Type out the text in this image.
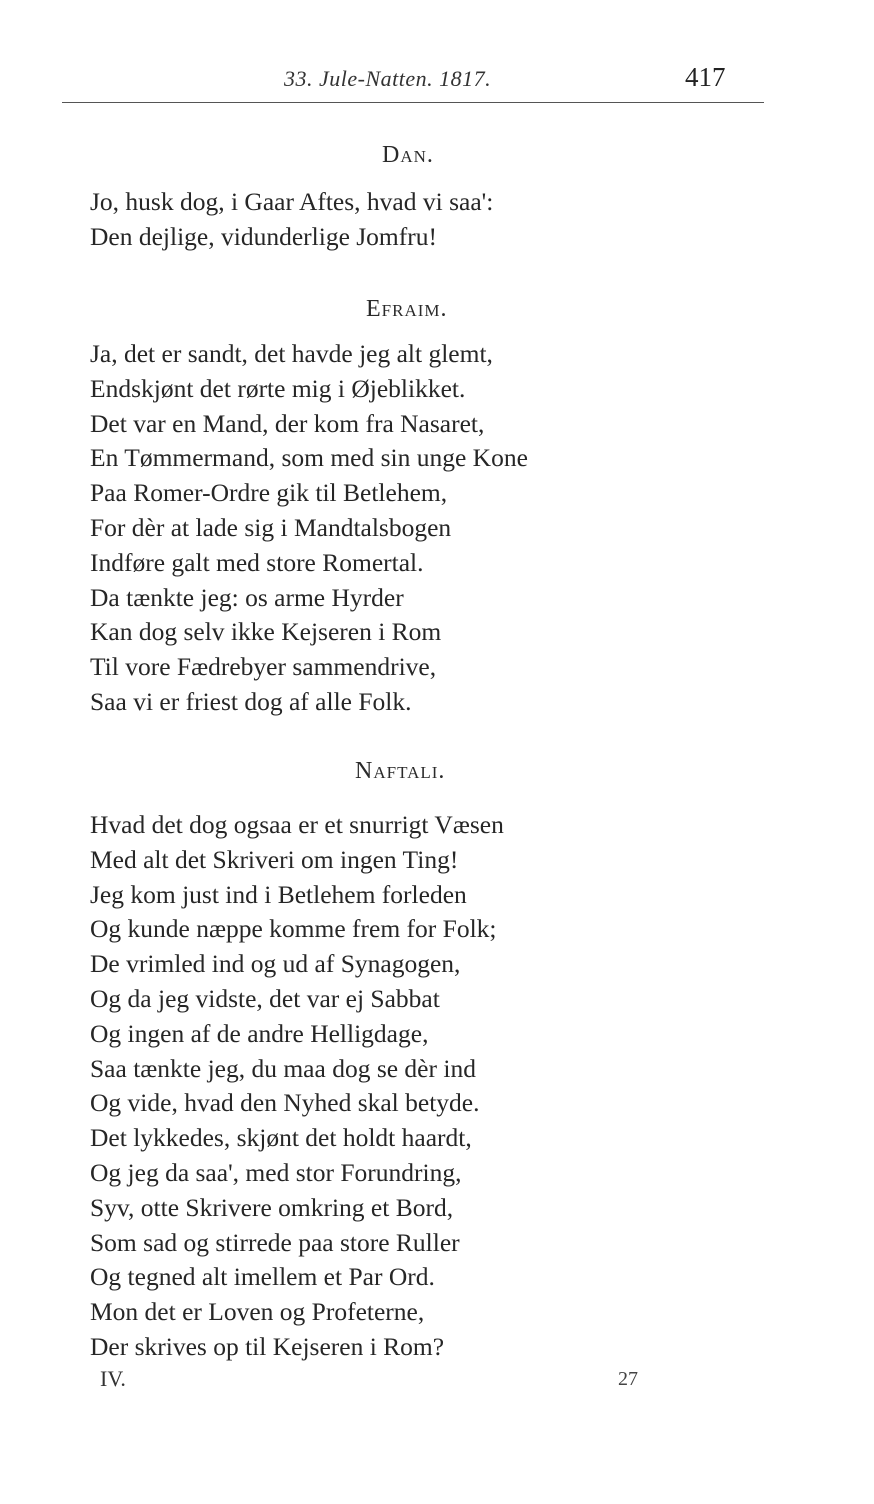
33. Jule-Natten. 1817.	417
Dan.
Jo, husk dog, i Gaar Aftes, hvad vi saa':
Den dejlige, vidunderlige Jomfru!
Efraim.
Ja, det er sandt, det havde jeg alt glemt,
Endskjønt det rørte mig i Øjeblikket.
Det var en Mand, der kom fra Nasaret,
En Tømmermand, som med sin unge Kone
Paa Romer-Ordre gik til Betlehem,
For dèr at lade sig i Mandtalsbogen
Indføre galt med store Romertal.
Da tænkte jeg: os arme Hyrder
Kan dog selv ikke Kejseren i Rom
Til vore Fædrebyer sammendrive,
Saa vi er friest dog af alle Folk.
Naftali.
Hvad det dog ogsaa er et snurrigt Væsen
Med alt det Skriveri om ingen Ting!
Jeg kom just ind i Betlehem forleden
Og kunde næppe komme frem for Folk;
De vrimled ind og ud af Synagogen,
Og da jeg vidste, det var ej Sabbat
Og ingen af de andre Helligdage,
Saa tænkte jeg, du maa dog se dèr ind
Og vide, hvad den Nyhed skal betyde.
Det lykkedes, skjønt det holdt haardt,
Og jeg da saa', med stor Forundring,
Syv, otte Skrivere omkring et Bord,
Som sad og stirrede paa store Ruller
Og tegned alt imellem et Par Ord.
Mon det er Loven og Profeterne,
Der skrives op til Kejseren i Rom?
IV.	27
